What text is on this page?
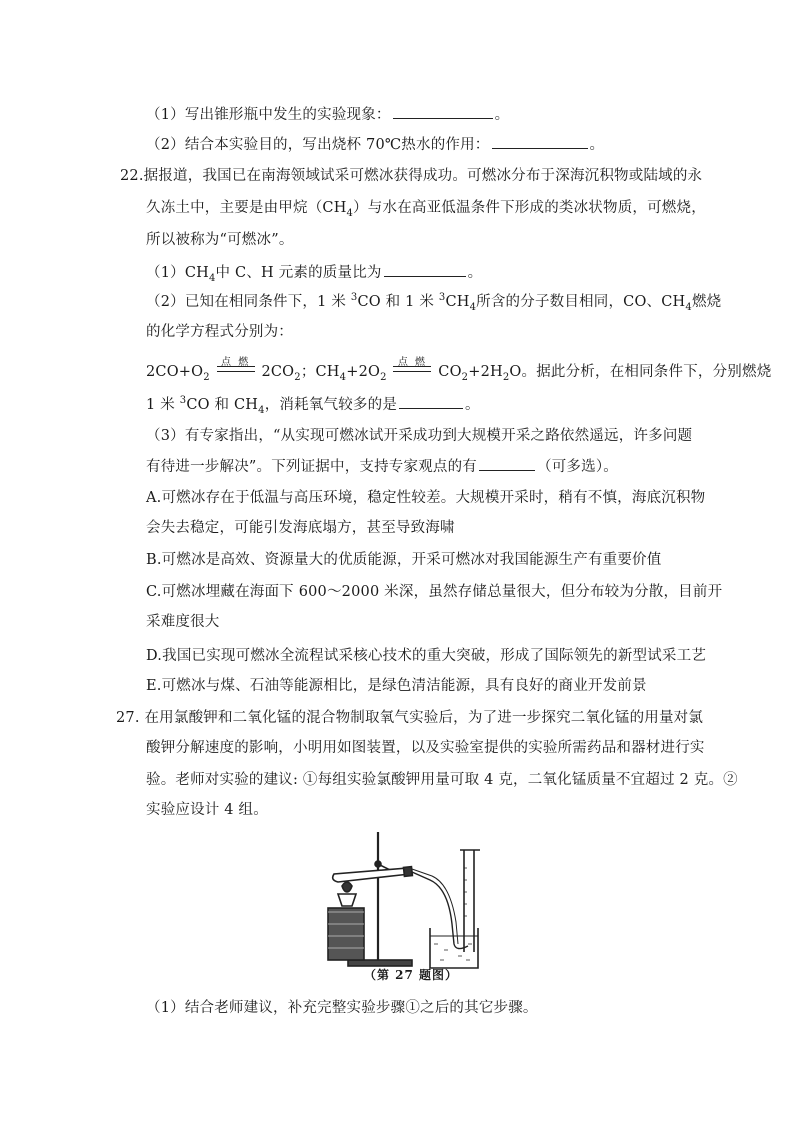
（1）写出锥形瓶中发生的实验现象：	。
（2）结合本实验目的，写出烧杯 70℃热水的作用：	。
22.据报道，我国已在南海领域试采可燃冰获得成功。可燃冰分布于深海沉积物或陆域的永
久冻土中，主要是由甲烷$(CH_4)$与水在高亚低温条件下形成的类冰状物质，可燃烧，
所以被称为“可燃冰”。
$(1)CH_4$中 C、H 元素的质量比为	。
（2）已知在相同条件下，1 米 $^3$CO 和 1 米 $^3CH_4$所含的分子数目相同，CO、$CH_4$燃烧
的化学方程式分别为：
$2CO+O_2$
点 燃
$2CO_2$；$CH_4+2O_2$
点 燃
$CO_2+2H_2O$。据此分析，在相同条件下，分别燃烧
1 米 $^3$CO 和 $CH_4$，消耗氧气较多的是	。
（3）有专家指出，“从实现可燃冰试开采成功到大规模开采之路依然遥远，许多问题
有待进一步解决”。下列证据中，支持专家观点的有	（可多选）。
A.可燃冰存在于低温与高压环境，稳定性较差。大规模开采时，稍有不慎，海底沉积物
会失去稳定，可能引发海底塌方，甚至导致海啸
B.可燃冰是高效、资源量大的优质能源，开采可燃冰对我国能源生产有重要价值
C.可燃冰埋藏在海面下 600～2000 米深，虽然存储总量很大，但分布较为分散，目前开
采难度很大
D.我国已实现可燃冰全流程试采核心技术的重大突破，形成了国际领先的新型试采工艺
E.可燃冰与煤、石油等能源相比，是绿色清洁能源，具有良好的商业开发前景
27. 在用氯酸钾和二氧化锰的混合物制取氧气实验后，为了进一步探究二氧化锰的用量对氯
酸钾分解速度的影响，小明用如图装置，以及实验室提供的实验所需药品和器材进行实
验。老师对实验的建议: ①每组实验氯酸钾用量可取 4 克，二氧化锰质量不宜超过 2 克。②
实验应设计 4 组。
（第 27 题图）
（1）结合老师建议，补充完整实验步骤①之后的其它步骤。
